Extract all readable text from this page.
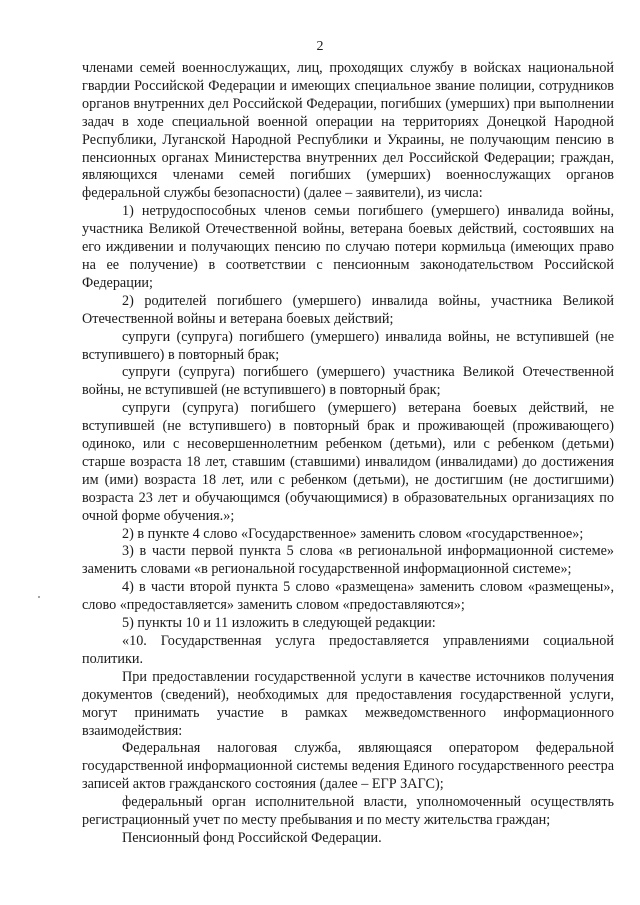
2

членами семей военнослужащих, лиц, проходящих службу в войсках национальной гвардии Российской Федерации и имеющих специальное звание полиции, сотрудников органов внутренних дел Российской Федерации, погибших (умерших) при выполнении задач в ходе специальной военной операции на территориях Донецкой Народной Республики, Луганской Народной Республики и Украины, не получающим пенсию в пенсионных органах Министерства внутренних дел Российской Федерации; граждан, являющихся членами семей погибших (умерших) военнослужащих органов федеральной службы безопасности) (далее – заявители), из числа:

1) нетрудоспособных членов семьи погибшего (умершего) инвалида войны, участника Великой Отечественной войны, ветерана боевых действий, состоявших на его иждивении и получающих пенсию по случаю потери кормильца (имеющих право на ее получение) в соответствии с пенсионным законодательством Российской Федерации;

2) родителей погибшего (умершего) инвалида войны, участника Великой Отечественной войны и ветерана боевых действий;

супруги (супруга) погибшего (умершего) инвалида войны, не вступившей (не вступившего) в повторный брак;

супруги (супруга) погибшего (умершего) участника Великой Отечественной войны, не вступившей (не вступившего) в повторный брак;

супруги (супруга) погибшего (умершего) ветерана боевых действий, не вступившей (не вступившего) в повторный брак и проживающей (проживающего) одиноко, или с несовершеннолетним ребенком (детьми), или с ребенком (детьми) старше возраста 18 лет, ставшим (ставшими) инвалидом (инвалидами) до достижения им (ими) возраста 18 лет, или с ребенком (детьми), не достигшим (не достигшими) возраста 23 лет и обучающимся (обучающимися) в образовательных организациях по очной форме обучения.»;

2) в пункте 4 слово «Государственное» заменить словом «государственное»;

3) в части первой пункта 5 слова «в региональной информационной системе» заменить словами «в региональной государственной информационной системе»;

4) в части второй пункта 5 слово «размещена» заменить словом «размещены», слово «предоставляется» заменить словом «предоставляются»;

5) пункты 10 и 11 изложить в следующей редакции:

«10. Государственная услуга предоставляется управлениями социальной политики.

При предоставлении государственной услуги в качестве источников получения документов (сведений), необходимых для предоставления государственной услуги, могут принимать участие в рамках межведомственного информационного взаимодействия:

Федеральная налоговая служба, являющаяся оператором федеральной государственной информационной системы ведения Единого государственного реестра записей актов гражданского состояния (далее – ЕГР ЗАГС);

федеральный орган исполнительной власти, уполномоченный осуществлять регистрационный учет по месту пребывания и по месту жительства граждан;

Пенсионный фонд Российской Федерации.
